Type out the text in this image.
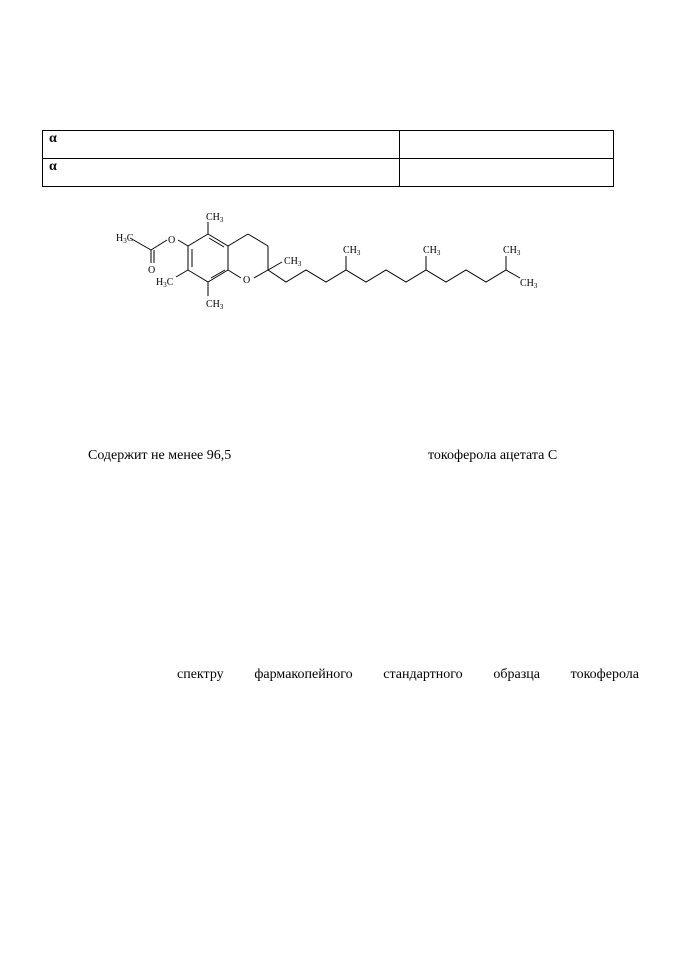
α	
α	
$H_3C$
O
O
O
$CH_3$
$H_3C$
$CH_3$
$CH_3$
$CH_3$	$CH_3$	$CH_3$
$CH_3$
Содержит не менее 96,5	токоферола ацетата С
спектру фармакопейного стандартного образца токоферола
